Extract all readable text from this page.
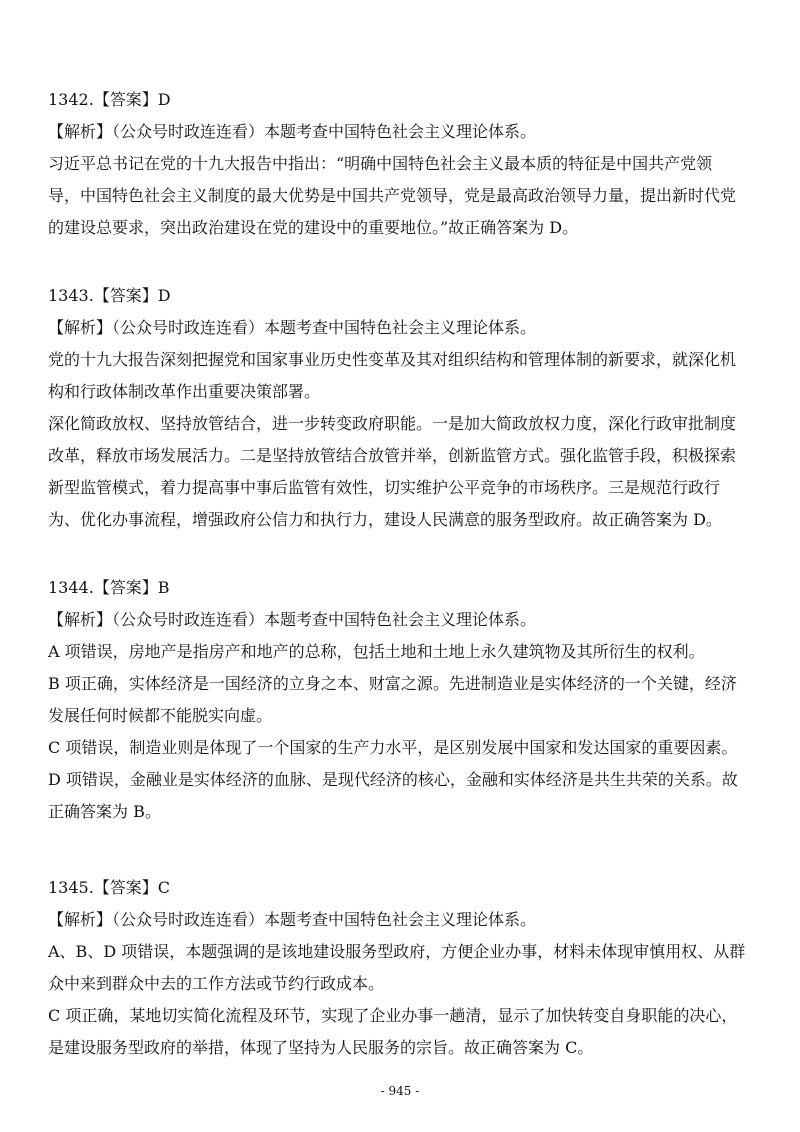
1342.【答案】D
【解析】（公众号时政连连看）本题考查中国特色社会主义理论体系。
习近平总书记在党的十九大报告中指出：“明确中国特色社会主义最本质的特征是中国共产党领
导，中国特色社会主义制度的最大优势是中国共产党领导，党是最高政治领导力量，提出新时代党
的建设总要求，突出政治建设在党的建设中的重要地位。”故正确答案为 D。
1343.【答案】D
【解析】（公众号时政连连看）本题考查中国特色社会主义理论体系。
党的十九大报告深刻把握党和国家事业历史性变革及其对组织结构和管理体制的新要求，就深化机
构和行政体制改革作出重要决策部署。
深化简政放权、坚持放管结合，进一步转变政府职能。一是加大简政放权力度，深化行政审批制度
改革，释放市场发展活力。二是坚持放管结合放管并举，创新监管方式。强化监管手段，积极探索
新型监管模式，着力提高事中事后监管有效性，切实维护公平竞争的市场秩序。三是规范行政行
为、优化办事流程，增强政府公信力和执行力，建设人民满意的服务型政府。故正确答案为 D。
1344.【答案】B
【解析】（公众号时政连连看）本题考查中国特色社会主义理论体系。
A 项错误，房地产是指房产和地产的总称，包括土地和土地上永久建筑物及其所衍生的权利。
B 项正确，实体经济是一国经济的立身之本、财富之源。先进制造业是实体经济的一个关键，经济
发展任何时候都不能脱实向虚。
C 项错误，制造业则是体现了一个国家的生产力水平，是区别发展中国家和发达国家的重要因素。
D 项错误，金融业是实体经济的血脉、是现代经济的核心，金融和实体经济是共生共荣的关系。故
正确答案为 B。
1345.【答案】C
【解析】（公众号时政连连看）本题考查中国特色社会主义理论体系。
A、B、D 项错误，本题强调的是该地建设服务型政府，方便企业办事，材料未体现审慎用权、从群
众中来到群众中去的工作方法或节约行政成本。
C 项正确，某地切实简化流程及环节，实现了企业办事一趟清，显示了加快转变自身职能的决心，
是建设服务型政府的举措，体现了坚持为人民服务的宗旨。故正确答案为 C。
- 945 -
